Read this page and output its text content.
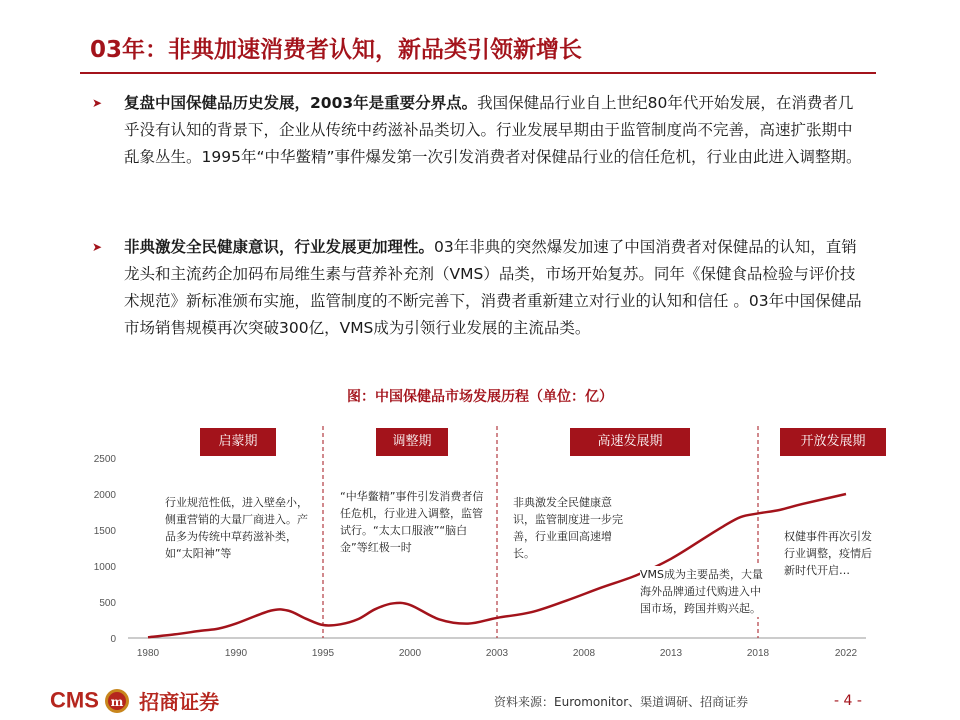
03年：非典加速消费者认知，新品类引领新增长
➤ 复盘中国保健品历史发展，2003年是重要分界点。我国保健品行业自上世纪80年代开始发展，在消费者几乎没有认知的背景下，企业从传统中药滋补品类切入。行业发展早期由于监管制度尚不完善，高速扩张期中乱象丛生。1995年“中华鳖精”事件爆发第一次引发消费者对保健品行业的信任危机，行业由此进入调整期。
➤ 非典激发全民健康意识，行业发展更加理性。03年非典的突然爆发加速了中国消费者对保健品的认知，直销龙头和主流药企加码布局维生素与营养补充剂（VMS）品类，市场开始复苏。同年《保健食品检验与评价技术规范》新标准颁布实施，监管制度的不断完善下，消费者重新建立对行业的认知和信任 。03年中国保健品市场销售规模再次突破300亿，VMS成为引领行业发展的主流品类。
图：中国保健品市场发展历程（单位：亿）
0
500
1000
1500
2000
2500
1980	1990	1995	2000	2003	2008	2013	2018	2022
启蒙期	调整期	高速发展期	开放发展期
行业规范性低，进入壁垒小，侧重营销的大量厂商进入。产品多为传统中草药滋补类，如“太阳神”等
“中华鳖精”事件引发消费者信任危机，行业进入调整，监管试行。“太太口服液”“脑白金”等红极一时
非典激发全民健康意识，监管制度进一步完善，行业重回高速增长。
VMS成为主要品类，大量海外品牌通过代购进入中国市场，跨国并购兴起。
权健事件再次引发行业调整，疫情后新时代开启…
CMS m 招商证券	资料来源：Euromonitor、渠道调研、招商证券	- 4 -
